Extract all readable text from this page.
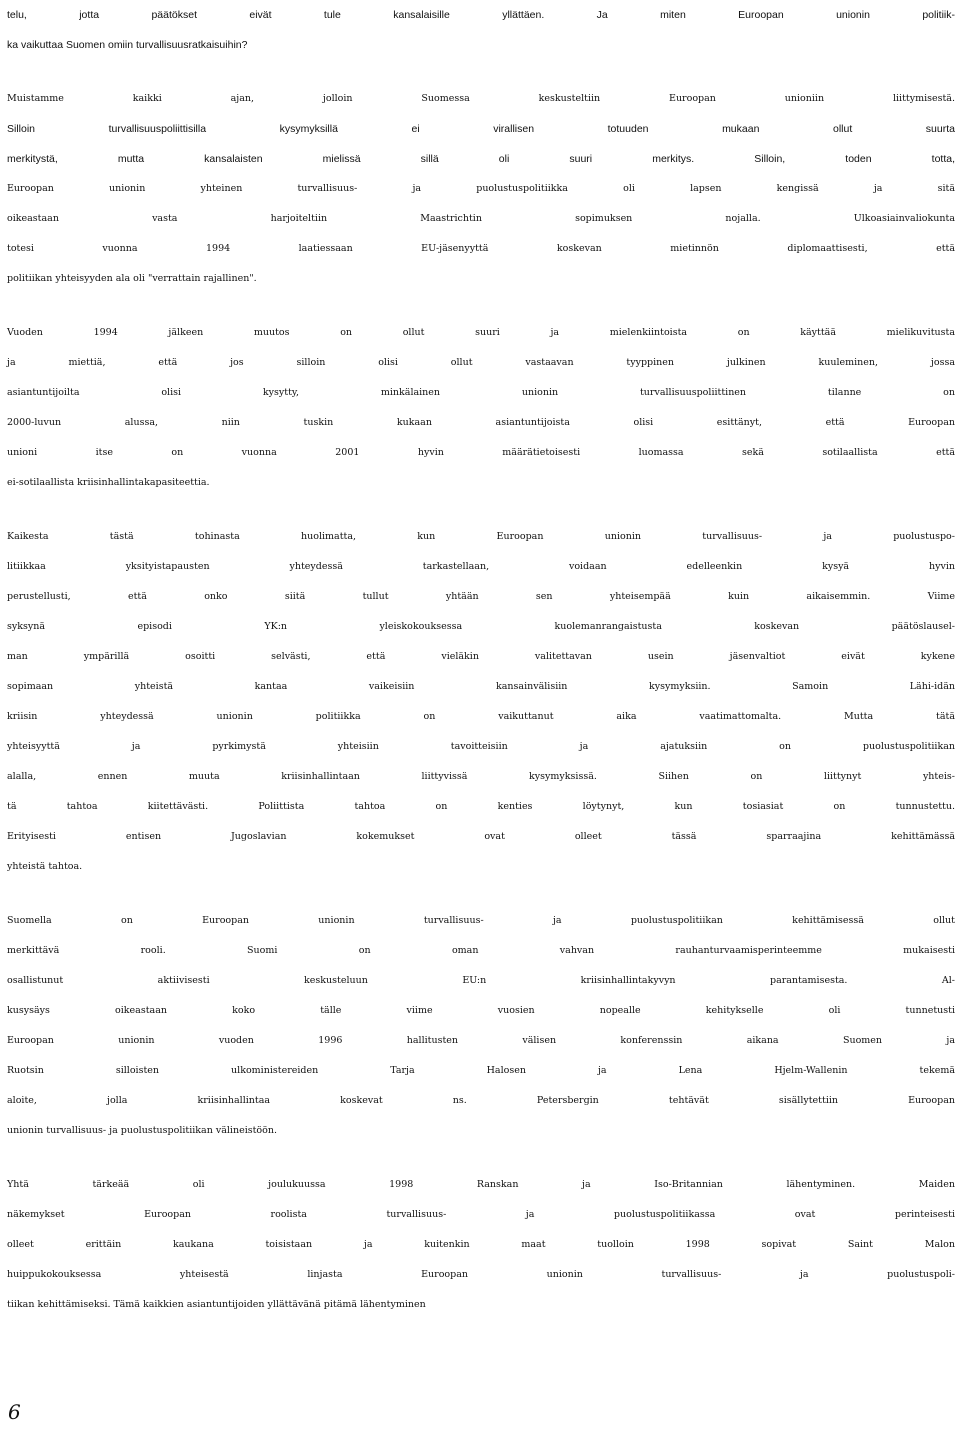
telu, jotta päätökset eivät tule kansalaisille yllättäen. Ja miten Euroopan unionin politiik-
ka vaikuttaa Suomen omiin turvallisuusratkaisuihin?

Muistamme kaikki ajan, jolloin Suomessa keskusteltiin Euroopan unioniin liittymisestä.
Silloin turvallisuuspoliittisilla kysymyksillä ei virallisen totuuden mukaan ollut suurta
merkitystä, mutta kansalaisten mielissä sillä oli suuri merkitys. Silloin, toden totta,
Euroopan unionin yhteinen turvallisuus- ja puolustuspolitiikka oli lapsen kengissä ja sitä
oikeastaan vasta harjoiteltiin Maastrichtin sopimuksen nojalla. Ulkoasiainvaliokunta
totesi vuonna 1994 laatiessaan EU-jäsenyyttä koskevan mietinnön diplomaattisesti, että
politiikan yhteisyyden ala oli "verrattain rajallinen".

Vuoden 1994 jälkeen muutos on ollut suuri ja mielenkiintoista on käyttää mielikuvitusta
ja miettiä, että jos silloin olisi ollut vastaavan tyyppinen julkinen kuuleminen, jossa
asiantuntijoilta olisi kysytty, minkälainen unionin turvallisuuspoliittinen tilanne on
2000-luvun alussa, niin tuskin kukaan asiantuntijoista olisi esittänyt, että Euroopan
unioni itse on vuonna 2001 hyvin määrätietoisesti luomassa sekä sotilaallista että
ei-sotilaallista kriisinhallintakapasiteettia.

Kaikesta tästä tohinasta huolimatta, kun Euroopan unionin turvallisuus- ja puolustuspo-
litiikkaa yksityistapausten yhteydessä tarkastellaan, voidaan edelleenkin kysyä hyvin
perustellusti, että onko siitä tullut yhtään sen yhteisempää kuin aikaisemmin. Viime
syksynä episodi YK:n yleiskokouksessa kuolemanrangaistusta koskevan päätöslausel-
man ympärillä osoitti selvästi, että vieläkin valitettavan usein jäsenvaltiot eivät kykene
sopimaan yhteistä kantaa vaikeisiin kansainvälisiin kysymyksiin. Samoin Lähi-idän
kriisin yhteydessä unionin politiikka on vaikuttanut aika vaatimattomalta. Mutta tätä
yhteisyyttä ja pyrkimystä yhteisiin tavoitteisiin ja ajatuksiin on puolustuspolitiikan
alalla, ennen muuta kriisinhallintaan liittyvissä kysymyksissä. Siihen on liittynyt yhteis-
tä tahtoa kiitettävästi. Poliittista tahtoa on kenties löytynyt, kun tosiasiat on tunnustettu.
Erityisesti entisen Jugoslavian kokemukset ovat olleet tässä sparraajina kehittämässä
yhteistä tahtoa.

Suomella on Euroopan unionin turvallisuus- ja puolustuspolitiikan kehittämisessä ollut
merkittävä rooli. Suomi on oman vahvan rauhanturvaamisperinteemme mukaisesti
osallistunut aktiivisesti keskusteluun EU:n kriisinhallintakyvyn parantamisesta. Al-
kusysäys oikeastaan koko tälle viime vuosien nopealle kehitykselle oli tunnetusti
Euroopan unionin vuoden 1996 hallitusten välisen konferenssin aikana Suomen ja
Ruotsin silloisten ulkoministereiden Tarja Halosen ja Lena Hjelm-Wallenin tekemä
aloite, jolla kriisinhallintaa koskevat ns. Petersbergin tehtävät sisällytettiin Euroopan
unionin turvallisuus- ja puolustuspolitiikan välineistöön.

Yhtä tärkeää oli joulukuussa 1998 Ranskan ja Iso-Britannian lähentyminen. Maiden
näkemykset Euroopan roolista turvallisuus- ja puolustuspolitiikassa ovat perinteisesti
olleet erittäin kaukana toisistaan ja kuitenkin maat tuolloin 1998 sopivat Saint Malon
huippukokouksessa yhteisestä linjasta Euroopan unionin turvallisuus- ja puolustuspoli-
tiikan kehittämiseksi. Tämä kaikkien asiantuntijoiden yllättävänä pitämä lähentyminen

6
